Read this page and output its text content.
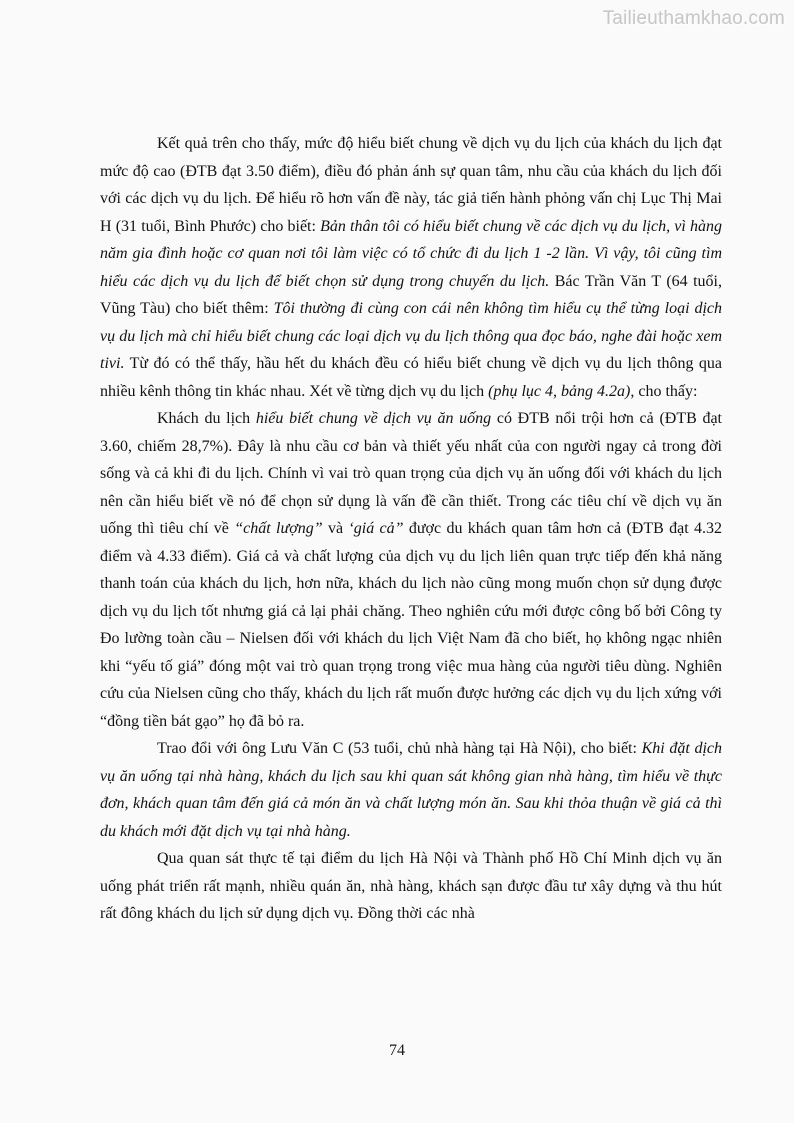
Tailieuthamkhao.com

Kết quả trên cho thấy, mức độ hiểu biết chung về dịch vụ du lịch của khách du lịch đạt mức độ cao (ĐTB đạt 3.50 điểm), điều đó phản ánh sự quan tâm, nhu cầu của khách du lịch đối với các dịch vụ du lịch. Để hiểu rõ hơn vấn đề này, tác giả tiến hành phỏng vấn chị Lục Thị Mai H (31 tuổi, Bình Phước) cho biết: Bản thân tôi có hiểu biết chung về các dịch vụ du lịch, vì hàng năm gia đình hoặc cơ quan nơi tôi làm việc có tổ chức đi du lịch 1 -2 lần. Vì vậy, tôi cũng tìm hiểu các dịch vụ du lịch để biết chọn sử dụng trong chuyến du lịch. Bác Trần Văn T (64 tuổi, Vũng Tàu) cho biết thêm: Tôi thường đi cùng con cái nên không tìm hiểu cụ thể từng loại dịch vụ du lịch mà chỉ hiểu biết chung các loại dịch vụ du lịch thông qua đọc báo, nghe đài hoặc xem tivi. Từ đó có thể thấy, hầu hết du khách đều có hiểu biết chung về dịch vụ du lịch thông qua nhiều kênh thông tin khác nhau. Xét về từng dịch vụ du lịch (phụ lục 4, bảng 4.2a), cho thấy:

Khách du lịch hiểu biết chung về dịch vụ ăn uống có ĐTB nổi trội hơn cả (ĐTB đạt 3.60, chiếm 28,7%). Đây là nhu cầu cơ bản và thiết yếu nhất của con người ngay cả trong đời sống và cả khi đi du lịch. Chính vì vai trò quan trọng của dịch vụ ăn uống đối với khách du lịch nên cần hiểu biết về nó để chọn sử dụng là vấn đề cần thiết. Trong các tiêu chí về dịch vụ ăn uống thì tiêu chí về “chất lượng” và ‘giá cả” được du khách quan tâm hơn cả (ĐTB đạt 4.32 điểm và 4.33 điểm). Giá cả và chất lượng của dịch vụ du lịch liên quan trực tiếp đến khả năng thanh toán của khách du lịch, hơn nữa, khách du lịch nào cũng mong muốn chọn sử dụng được dịch vụ du lịch tốt nhưng giá cả lại phải chăng. Theo nghiên cứu mới được công bố bởi Công ty Đo lường toàn cầu – Nielsen đối với khách du lịch Việt Nam đã cho biết, họ không ngạc nhiên khi “yếu tố giá” đóng một vai trò quan trọng trong việc mua hàng của người tiêu dùng. Nghiên cứu của Nielsen cũng cho thấy, khách du lịch rất muốn được hưởng các dịch vụ du lịch xứng với “đồng tiền bát gạo” họ đã bỏ ra.

Trao đổi với ông Lưu Văn C (53 tuổi, chủ nhà hàng tại Hà Nội), cho biết: Khi đặt dịch vụ ăn uống tại nhà hàng, khách du lịch sau khi quan sát không gian nhà hàng, tìm hiểu về thực đơn, khách quan tâm đến giá cả món ăn và chất lượng món ăn. Sau khi thỏa thuận về giá cả thì du khách mới đặt dịch vụ tại nhà hàng.

Qua quan sát thực tế tại điểm du lịch Hà Nội và Thành phố Hồ Chí Minh dịch vụ ăn uống phát triển rất mạnh, nhiều quán ăn, nhà hàng, khách sạn được đầu tư xây dựng và thu hút rất đông khách du lịch sử dụng dịch vụ. Đồng thời các nhà

74
